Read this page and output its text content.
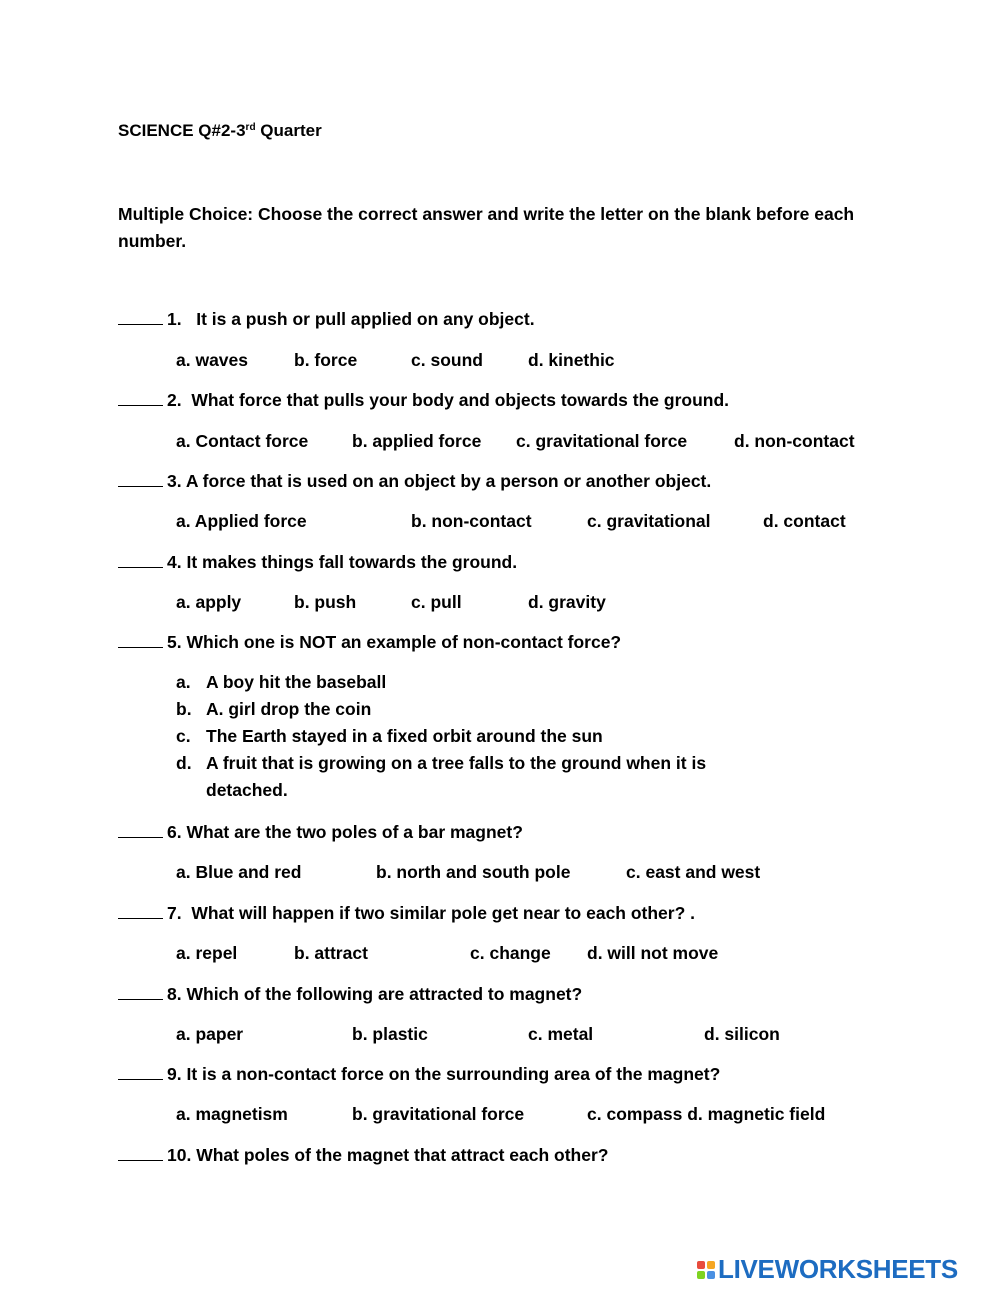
SCIENCE Q#2-3rd Quarter
Multiple Choice: Choose the correct answer and write the letter on the blank before each number.
1. It is a push or pull applied on any object.
a. waves	b. force	c. sound	d. kinethic
2. What force that pulls your body and objects towards the ground.
a. Contact force	b. applied force c. gravitational force	d. non-contact
3. A force that is used on an object by a person or another object.
a. Applied force	b. non-contact	c. gravitational	d. contact
4. It makes things fall towards the ground.
a. apply	b. push	c. pull	d. gravity
5. Which one is NOT an example of non-contact force?
a. A boy hit the baseball
b. A. girl drop the coin
c. The Earth stayed in a fixed orbit around the sun
d. A fruit that is growing on a tree falls to the ground when it is
detached.
6. What are the two poles of a bar magnet?
a. Blue and red	b. north and south pole	c. east and west
7. What will happen if two similar pole get near to each other? .
a. repel	b. attract	c. change d. will not move
8. Which of the following are attracted to magnet?
a. paper	b. plastic	c. metal	d. silicon
9. It is a non-contact force on the surrounding area of the magnet?
a. magnetism	b. gravitational force	c. compass d. magnetic field
10. What poles of the magnet that attract each other?
LIVEWORKSHEETS
